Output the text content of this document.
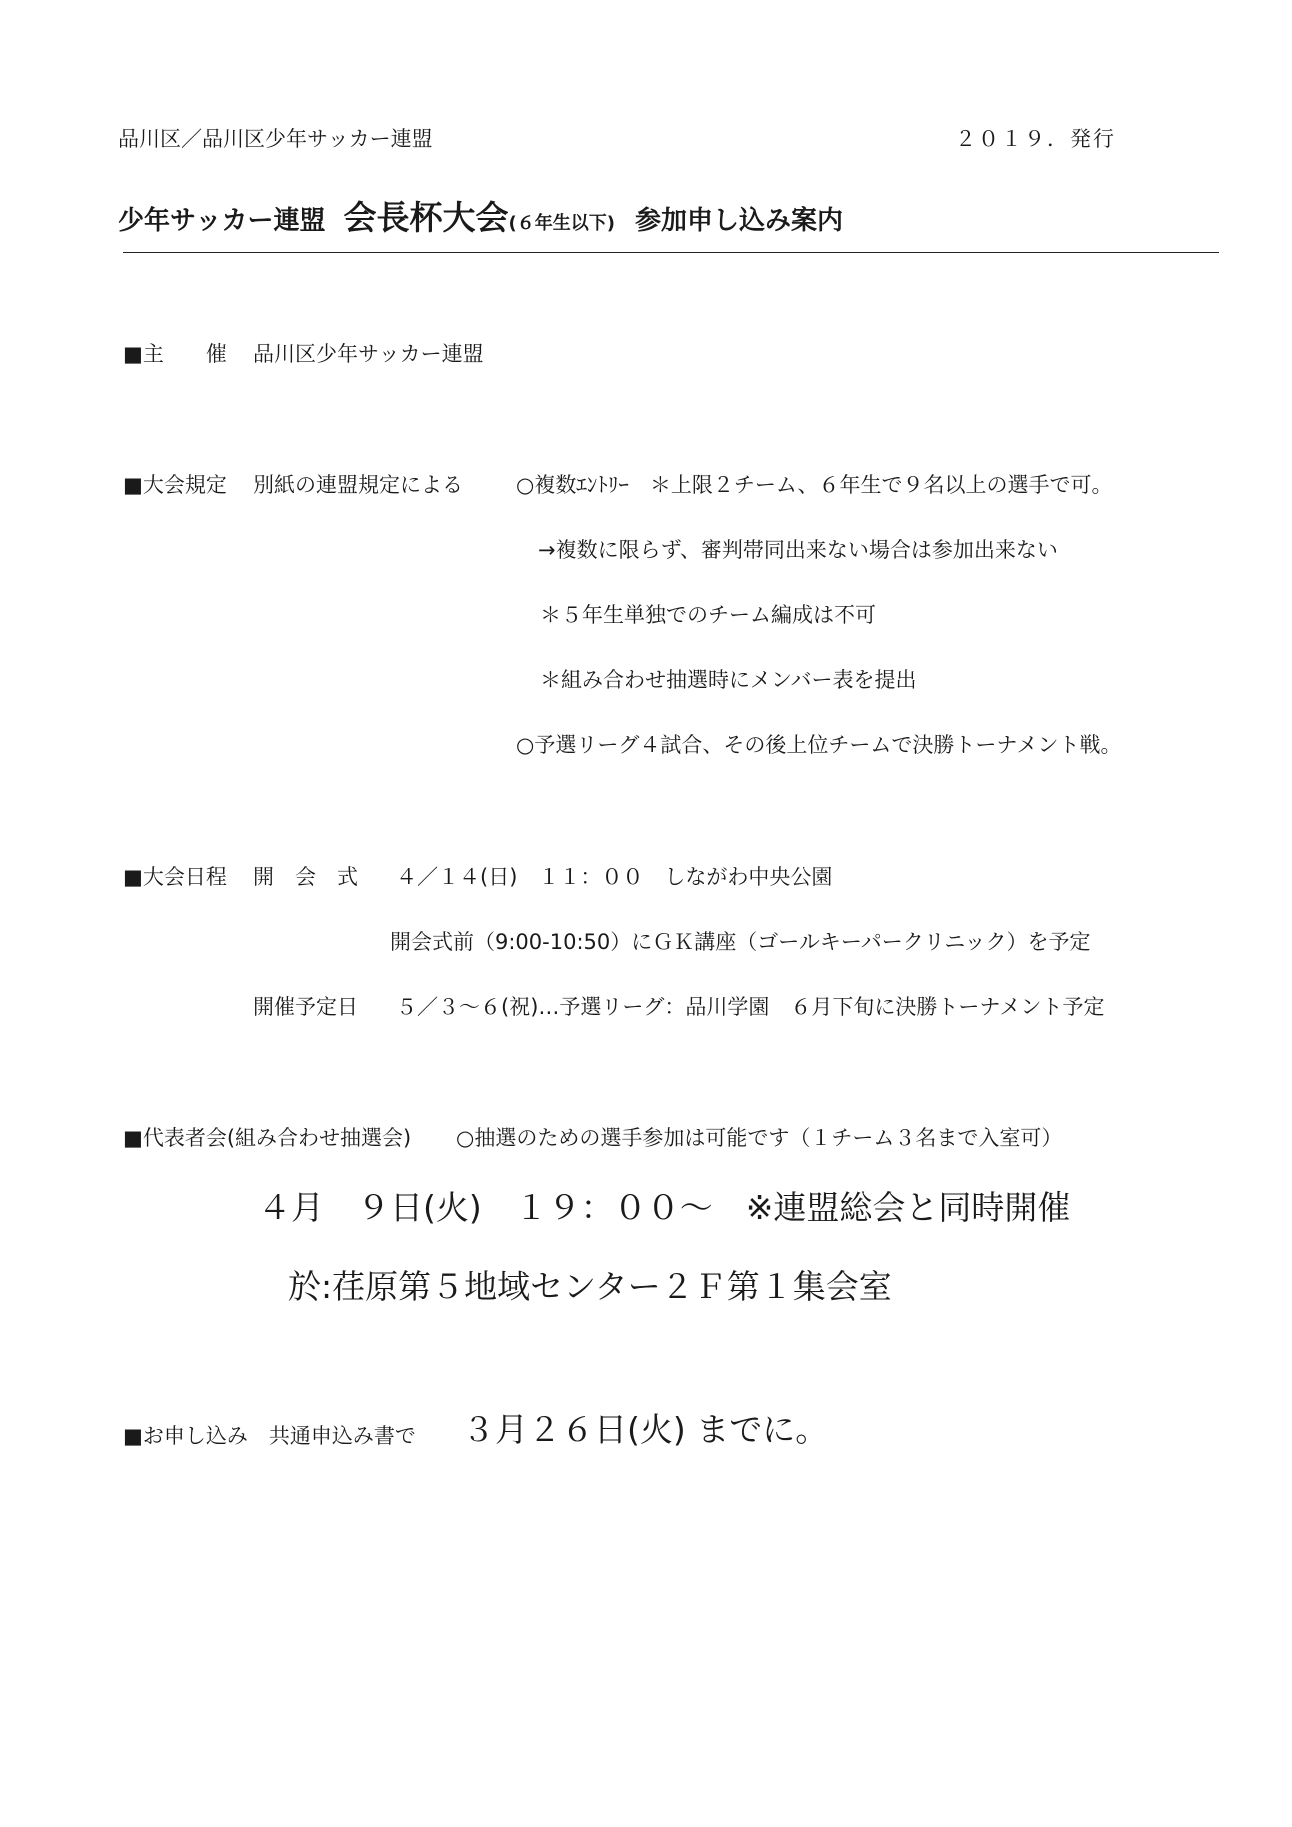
品川区／品川区少年サッカー連盟	２０１９．発行
少年サッカー連盟 会長杯大会 (６年生以下) 参加申し込み案内
■主　　催 品川区少年サッカー連盟
■大会規定 別紙の連盟規定による	○複数ｴﾝﾄﾘｰ　＊上限２チーム、６年生で９名以上の選手で可。
→複数に限らず、審判帯同出来ない場合は参加出来ない
＊５年生単独でのチーム編成は不可
＊組み合わせ抽選時にメンバー表を提出
○予選リーグ４試合、その後上位チームで決勝トーナメント戦。
■大会日程 開　会　式 ４／１４(日)　１１：００　しながわ中央公園
開会式前（9:00-10:50）にＧＫ講座（ゴールキーパークリニック）を予定
開催予定日 ５／３～６(祝)…予選リーグ：品川学園　６月下旬に決勝トーナメント予定
■代表者会(組み合わせ抽選会) ○抽選のための選手参加は可能です（１チーム３名まで入室可）
４月　９日(火)　１９：００～　※連盟総会と同時開催
於:荏原第５地域センター２Ｆ第１集会室
■お申し込み　共通申込み書で ３月２６日(火) までに。
